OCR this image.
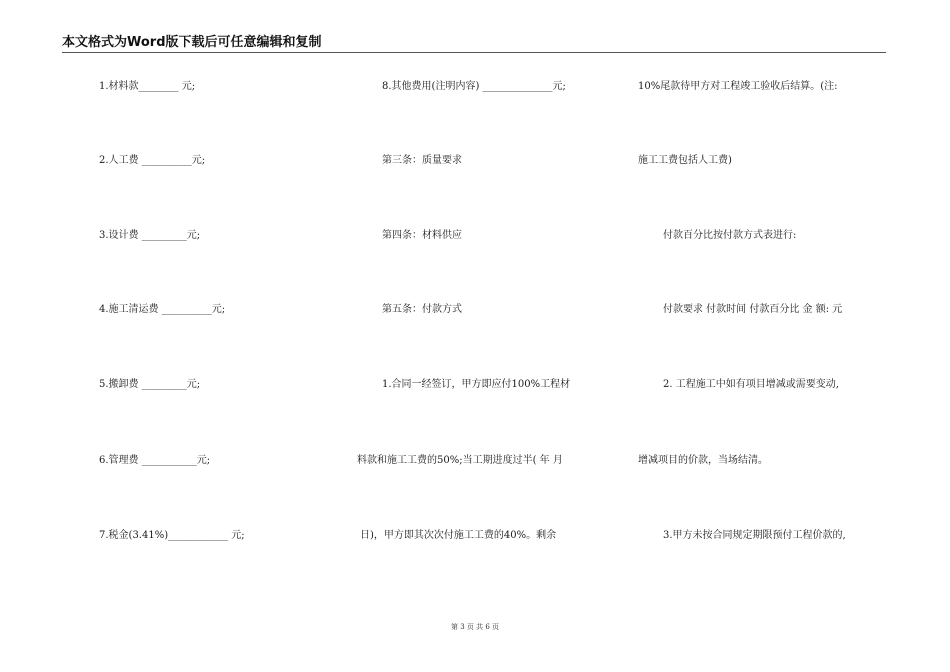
本文格式为Word版下载后可任意编辑和复制
1.材料款________ 元;
2.人工费 __________元;
3.设计费 _________元;
4.施工清运费 __________元;
5.搬卸费 _________元;
6.管理费 ___________元;
7.税金(3.41%)____________ 元;
8.其他费用(注明内容) ______________元;
第三条：质量要求
第四条：材料供应
第五条：付款方式
1.合同一经签订，甲方即应付100%工程材
料款和施工工费的50%;当工期进度过半( 年 月
日)，甲方即其次次付施工工费的40%。剩余
10%尾款待甲方对工程竣工验收后结算。(注:
施工工费包括人工费)
付款百分比按付款方式表进行:
付款要求 付款时间 付款百分比 金 额: 元
2. 工程施工中如有项目增减或需要变动,
增减项目的价款，当场结清。
3.甲方未按合同规定期限预付工程价款的,
第 3 页 共 6 页
